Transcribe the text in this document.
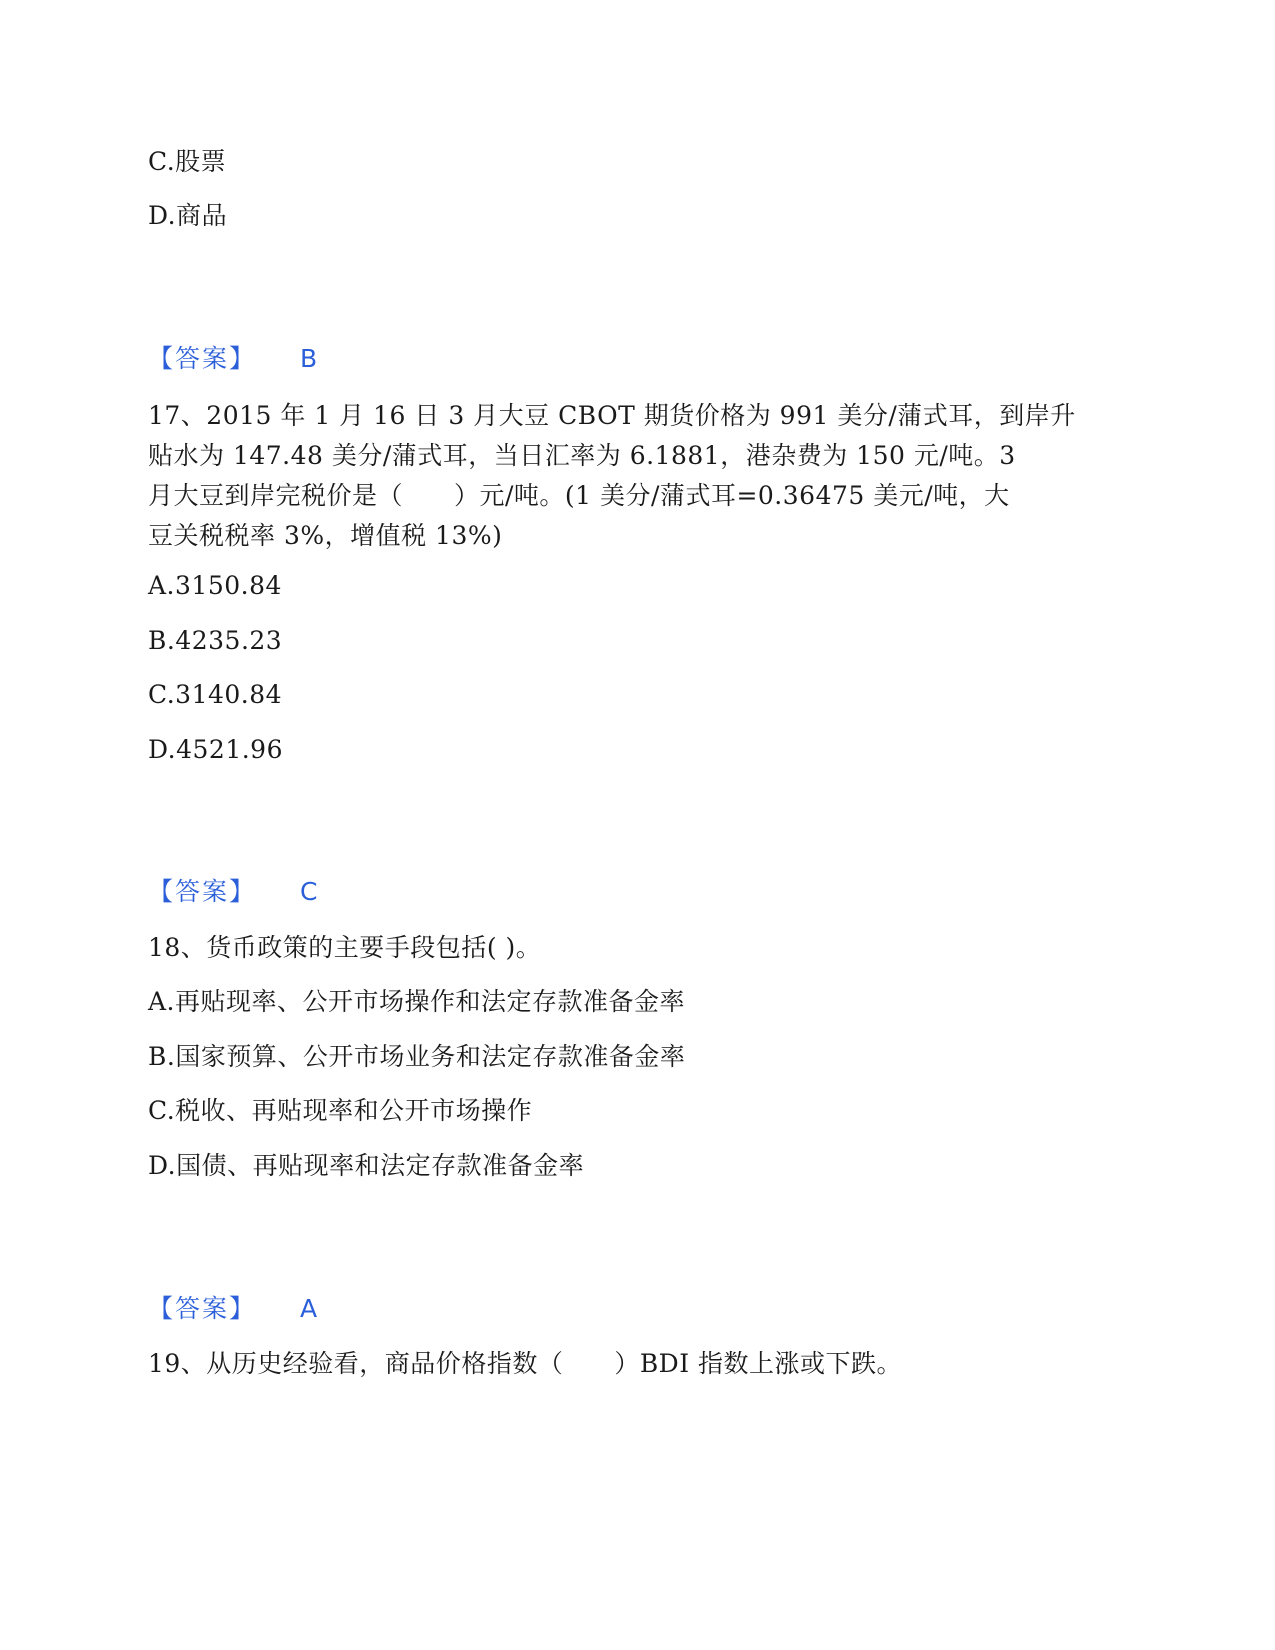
C.股票
D.商品
【答案】 B
17、2015 年 1 月 16 日 3 月大豆 CBOT 期货价格为 991 美分/蒲式耳，到岸升
贴水为 147.48 美分/蒲式耳，当日汇率为 6.1881，港杂费为 150 元/吨。3
月大豆到岸完税价是（　　）元/吨。(1 美分/蒲式耳=0.36475 美元/吨，大
豆关税税率 3%，增值税 13%)
A.3150.84
B.4235.23
C.3140.84
D.4521.96
【答案】 C
18、货币政策的主要手段包括( )。
A.再贴现率、公开市场操作和法定存款准备金率
B.国家预算、公开市场业务和法定存款准备金率
C.税收、再贴现率和公开市场操作
D.国债、再贴现率和法定存款准备金率
【答案】 A
19、从历史经验看，商品价格指数（　　）BDI 指数上涨或下跌。
